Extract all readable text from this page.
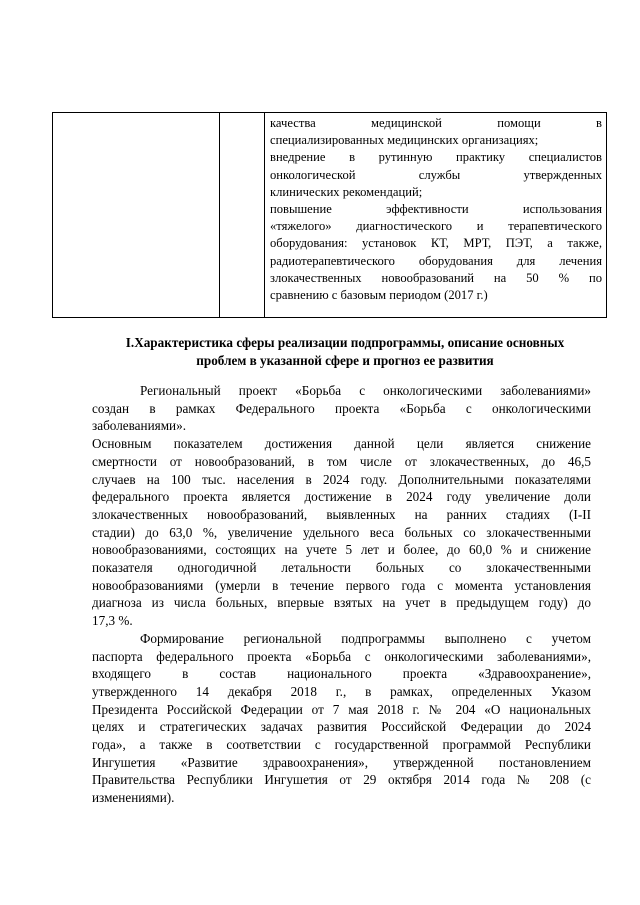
качества медицинской помощи в
специализированных медицинских организациях;
внедрение в рутинную практику специалистов
онкологической службы утвержденных
клинических рекомендаций;
повышение эффективности использования
«тяжелого» диагностического и терапевтического
оборудования: установок КТ, МРТ, ПЭТ, а также,
радиотерапевтического оборудования для лечения
злокачественных новообразований на 50 % по
сравнению с базовым периодом (2017 г.)
I.Характеристика сферы реализации подпрограммы, описание основных
проблем в указанной сфере и прогноз ее развития

Региональный проект «Борьба с онкологическими заболеваниями»
создан в рамках Федерального проекта «Борьба с онкологическими
заболеваниями».

Основным показателем достижения данной цели является снижение
смертности от новообразований, в том числе от злокачественных, до 46,5
случаев на 100 тыс. населения в 2024 году. Дополнительными показателями
федерального проекта является достижение в 2024 году увеличение доли
злокачественных новообразований, выявленных на ранних стадиях (I-II
стадии) до 63,0 %, увеличение удельного веса больных со злокачественными
новообразованиями, состоящих на учете 5 лет и более, до 60,0 % и снижение
показателя одногодичной летальности больных со злокачественными
новообразованиями (умерли в течение первого года с момента установления
диагноза из числа больных, впервые взятых на учет в предыдущем году) до
17,3 %.

Формирование региональной подпрограммы выполнено с учетом
паспорта федерального проекта «Борьба с онкологическими заболеваниями»,
входящего в состав национального проекта «Здравоохранение»,
утвержденного 14 декабря 2018 г., в рамках, определенных Указом
Президента Российской Федерации от 7 мая 2018 г. № 204 «О национальных
целях и стратегических задачах развития Российской Федерации до 2024
года», а также в соответствии с государственной программой Республики
Ингушетия «Развитие здравоохранения», утвержденной постановлением
Правительства Республики Ингушетия от 29 октября 2014 года № 208 (с
изменениями).
